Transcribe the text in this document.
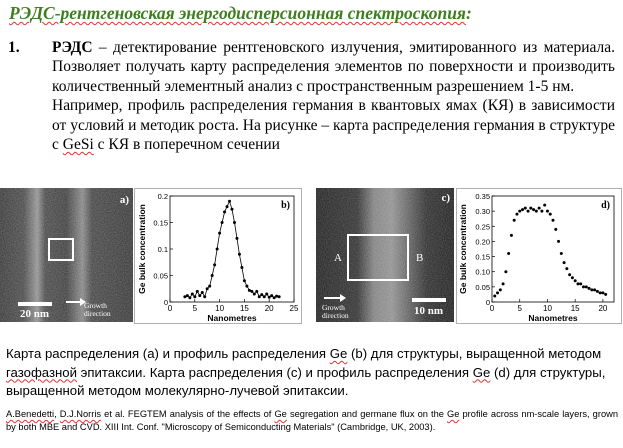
РЭДС-рентгеновская энергодисперсионная спектроскопия:
1. РЭДС – детектирование рентгеновского излучения, эмитированного из материала. Позволяет получать карту распределения элементов по поверхности и производить количественный элементный анализ с пространственным разрешением 1-5 нм.
Например, профиль распределения германия в квантовых ямах (КЯ) в зависимости от условий и методик роста. На рисунке – карта распределения германия в структуре с GeSi с КЯ в поперечном сечении
a)
20 nm
Growth
direction
0	5 10 15 20 25
0
0.05
0.1
0.15
0.2
Nanometres
Ge bulk concentration	b)
c)
A	B
Growth
direction	10 nm	0	5	10 15 20
0
0.05
0.10
0.15
0.20
0.25
0.30
0.35
Nanometres
Ge bulk concentration	d)
Карта распределения (a) и профиль распределения Ge (b) для структуры, выращенной методом газофазной эпитаксии. Карта распределения (c) и профиль распределения Ge (d) для структуры, выращенной методом молекулярно-лучевой эпитаксии.
A.Benedetti, D.J.Norris et al. FEGTEM analysis of the effects of Ge segregation and germane flux on the Ge profile across nm-scale layers, grown by both MBE and CVD. XIII Int. Conf. "Microscopy of Semiconducting Materials" (Cambridge, UK, 2003).
